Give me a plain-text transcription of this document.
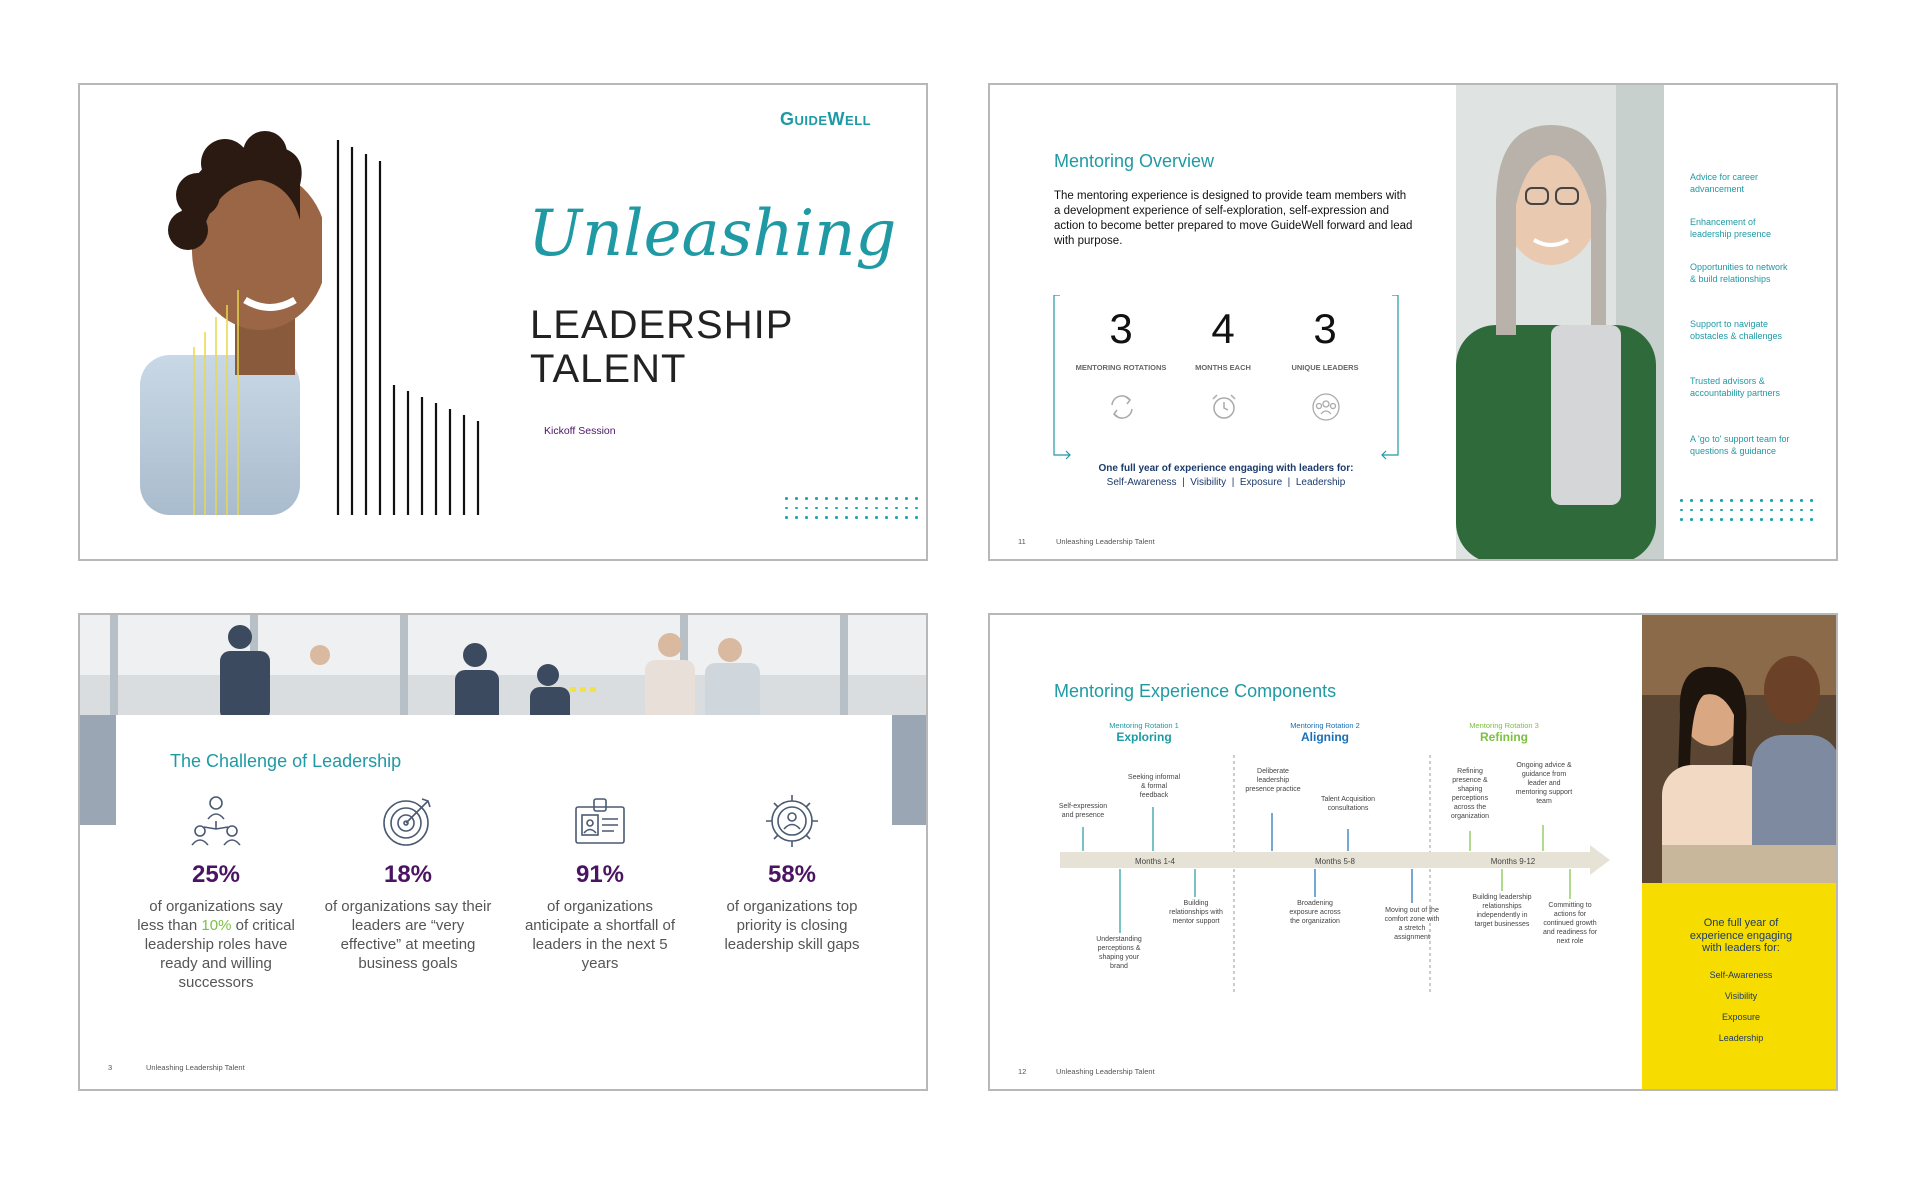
GuideWell
Unleashing
LEADERSHIP
TALENT
Kickoff Session
Mentoring Overview
The mentoring experience is designed to provide team members with a development experience of self-exploration, self-expression and action to become better prepared to move GuideWell forward and lead with purpose.
3	4	3
MENTORING ROTATIONS	MONTHS EACH	UNIQUE LEADERS
One full year of experience engaging with leaders for:
Self-Awareness  |  Visibility  |  Exposure  |  Leadership
Advice for career advancement
Enhancement of leadership presence
Opportunities to network & build relationships
Support to navigate obstacles & challenges
Trusted advisors & accountability partners
A 'go to' support team for questions & guidance
11	Unleashing Leadership Talent
The Challenge of Leadership
25%	18%	91%	58%
of organizations say less than 10% of critical leadership roles have ready and willing successors
of organizations say their leaders are “very effective” at meeting business goals
of organizations anticipate a shortfall of leaders in the next 5 years
of organizations top priority is closing leadership skill gaps
3	Unleashing Leadership Talent
Mentoring Experience Components
Mentoring Rotation 1
Exploring
Mentoring Rotation 2
Aligning
Mentoring Rotation 3
Refining
Months 1-4	Months 5-8	Months 9-12
Self-expression and presence
Seeking informal & formal feedback
Deliberate leadership presence practice
Talent Acquisition consultations
Refining presence & shaping perceptions across the organization
Ongoing advice & guidance from leader and mentoring support team
Understanding perceptions & shaping your brand
Building relationships with mentor support
Broadening exposure across the organization
Moving out of the comfort zone with a stretch assignment
Building leadership relationships independently in target businesses
Committing to actions for continued growth and readiness for next role
One full year of experience engaging with leaders for:
Self-Awareness
Visibility
Exposure
Leadership
12	Unleashing Leadership Talent
